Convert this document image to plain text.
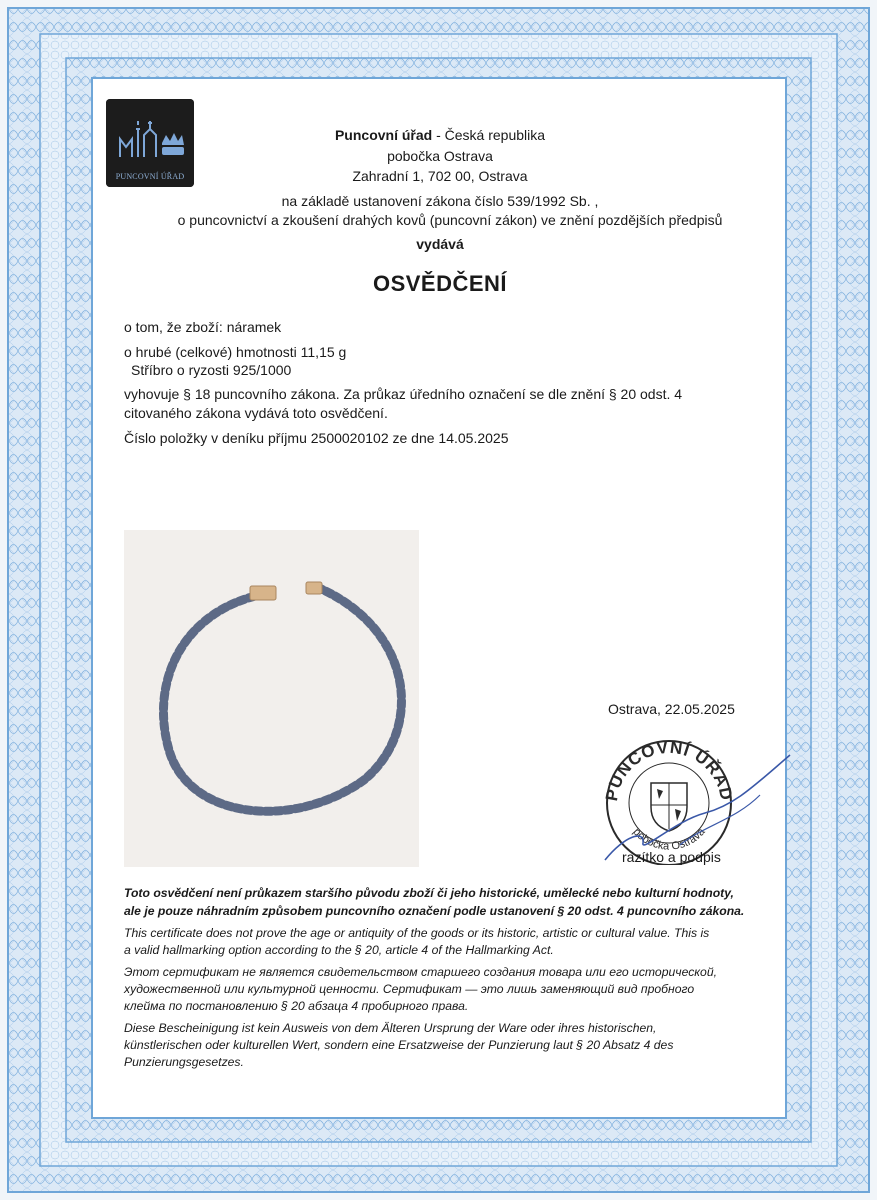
PUNCOVNÍ ÚŘAD
Puncovní úřad - Česká republika
pobočka Ostrava
Zahradní 1, 702 00, Ostrava
na základě ustanovení zákona číslo 539/1992 Sb. ,
o puncovnictví a zkoušení drahých kovů (puncovní zákon) ve znění pozdějších předpisů
vydává
OSVĚDČENÍ
o tom, že zboží: náramek
o hrubé (celkové) hmotnosti 11,15 g
Stříbro o ryzosti 925/1000
vyhovuje § 18 puncovního zákona. Za průkaz úředního označení se dle znění § 20 odst. 4
citovaného zákona vydává toto osvědčení.
Číslo položky v deníku příjmu 2500020102 ze dne 14.05.2025
Ostrava, 22.05.2025
PUNCOVNÍ ÚŘAD
pobočka Ostrava
razítko a podpis
Toto osvědčení není průkazem staršího původu zboží či jeho historické, umělecké nebo kulturní hodnoty,
ale je pouze náhradním způsobem puncovního označení podle ustanovení § 20 odst. 4 puncovního zákona.
This certificate does not prove the age or antiquity of the goods or its historic, artistic or cultural value. This is
a valid hallmarking option according to the § 20, article 4 of the Hallmarking Act.
Этот сертификат не является свидетельством старшего создания товара или его исторической,
художественной или культурной ценности. Сертификат — это лишь заменяющий вид пробного
клейма по постановлению § 20 абзаца 4 пробирного права.
Diese Bescheinigung ist kein Ausweis von dem Älteren Ursprung der Ware oder ihres historischen,
künstlerischen oder kulturellen Wert, sondern eine Ersatzweise der Punzierung laut § 20 Absatz 4 des
Punzierungsgesetzes.
